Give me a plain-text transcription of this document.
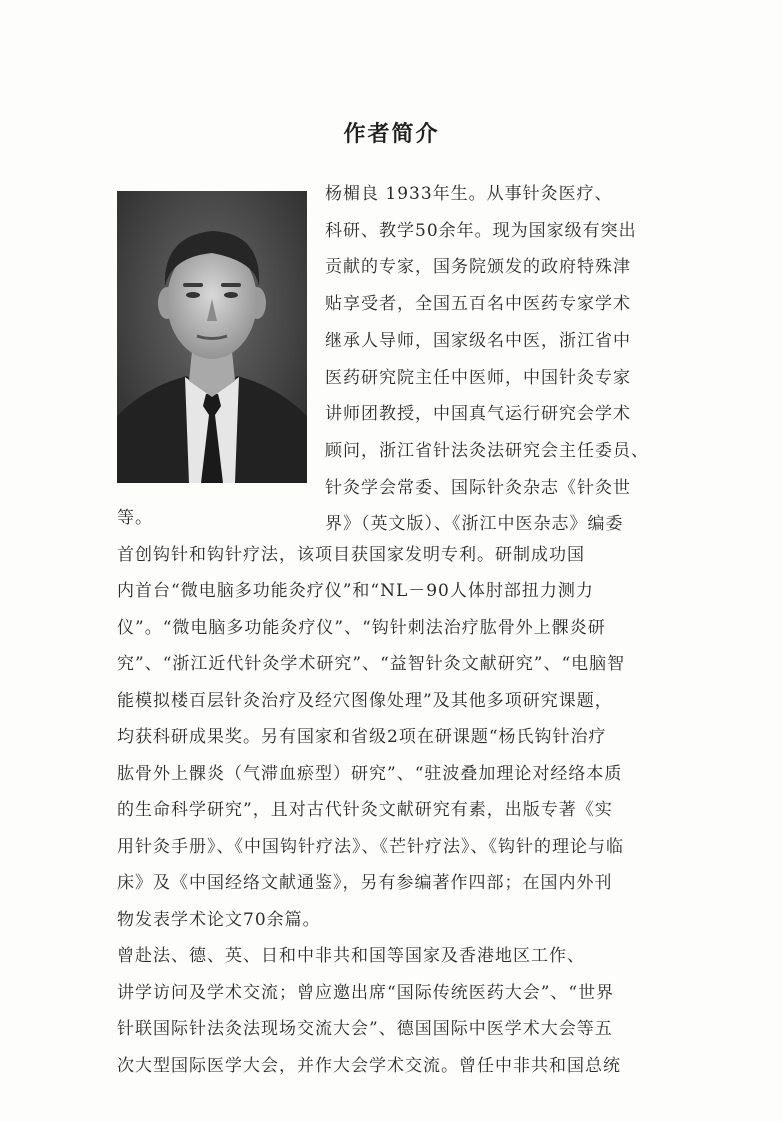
作者简介
杨楣良 1933年生。从事针灸医疗、
科研、教学50余年。现为国家级有突出
贡献的专家，国务院颁发的政府特殊津
贴享受者，全国五百名中医药专家学术
继承人导师，国家级名中医，浙江省中
医药研究院主任中医师，中国针灸专家
讲师团教授，中国真气运行研究会学术
顾问，浙江省针法灸法研究会主任委员、
针灸学会常委、国际针灸杂志《针灸世
界》（英文版）、《浙江中医杂志》编委
等。
首创钩针和钩针疗法，该项目获国家发明专利。研制成功国
内首台“微电脑多功能灸疗仪”和“NL－90人体肘部扭力测力
仪”。“微电脑多功能灸疗仪”、“钩针刺法治疗肱骨外上髁炎研
究”、“浙江近代针灸学术研究”、“益智针灸文献研究”、“电脑智
能模拟楼百层针灸治疗及经穴图像处理”及其他多项研究课题，
均获科研成果奖。另有国家和省级2项在研课题“杨氏钩针治疗
肱骨外上髁炎（气滞血瘀型）研究”、“驻波叠加理论对经络本质
的生命科学研究”，且对古代针灸文献研究有素，出版专著《实
用针灸手册》、《中国钩针疗法》、《芒针疗法》、《钩针的理论与临
床》及《中国经络文献通鉴》，另有参编著作四部；在国内外刊
物发表学术论文70余篇。
曾赴法、德、英、日和中非共和国等国家及香港地区工作、
讲学访问及学术交流；曾应邀出席“国际传统医药大会”、“世界
针联国际针法灸法现场交流大会”、德国国际中医学术大会等五
次大型国际医学大会，并作大会学术交流。曾任中非共和国总统
